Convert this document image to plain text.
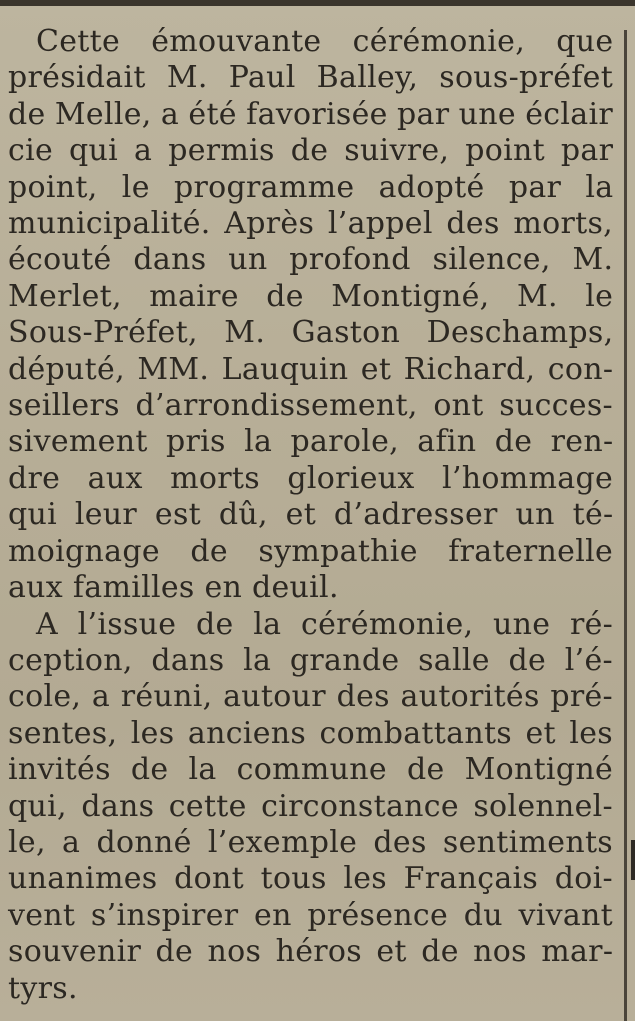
Cette émouvante cérémonie, que
présidait M. Paul Balley, sous-préfet
de Melle, a été favorisée par une éclair
cie qui a permis de suivre, point par
point, le programme adopté par la
municipalité. Après l’appel des morts,
écouté dans un profond silence, M.
Merlet, maire de Montigné, M. le
Sous-Préfet, M. Gaston Deschamps,
député, MM. Lauquin et Richard, con-
seillers d’arrondissement, ont succes-
sivement pris la parole, afin de ren-
dre aux morts glorieux l’hommage
qui leur est dû, et d’adresser un té-
moignage de sympathie fraternelle
aux familles en deuil.

A l’issue de la cérémonie, une ré-
ception, dans la grande salle de l’é-
cole, a réuni, autour des autorités pré-
sentes, les anciens combattants et les
invités de la commune de Montigné
qui, dans cette circonstance solennel-
le, a donné l’exemple des sentiments
unanimes dont tous les Français doi-
vent s’inspirer en présence du vivant
souvenir de nos héros et de nos mar-
tyrs.
